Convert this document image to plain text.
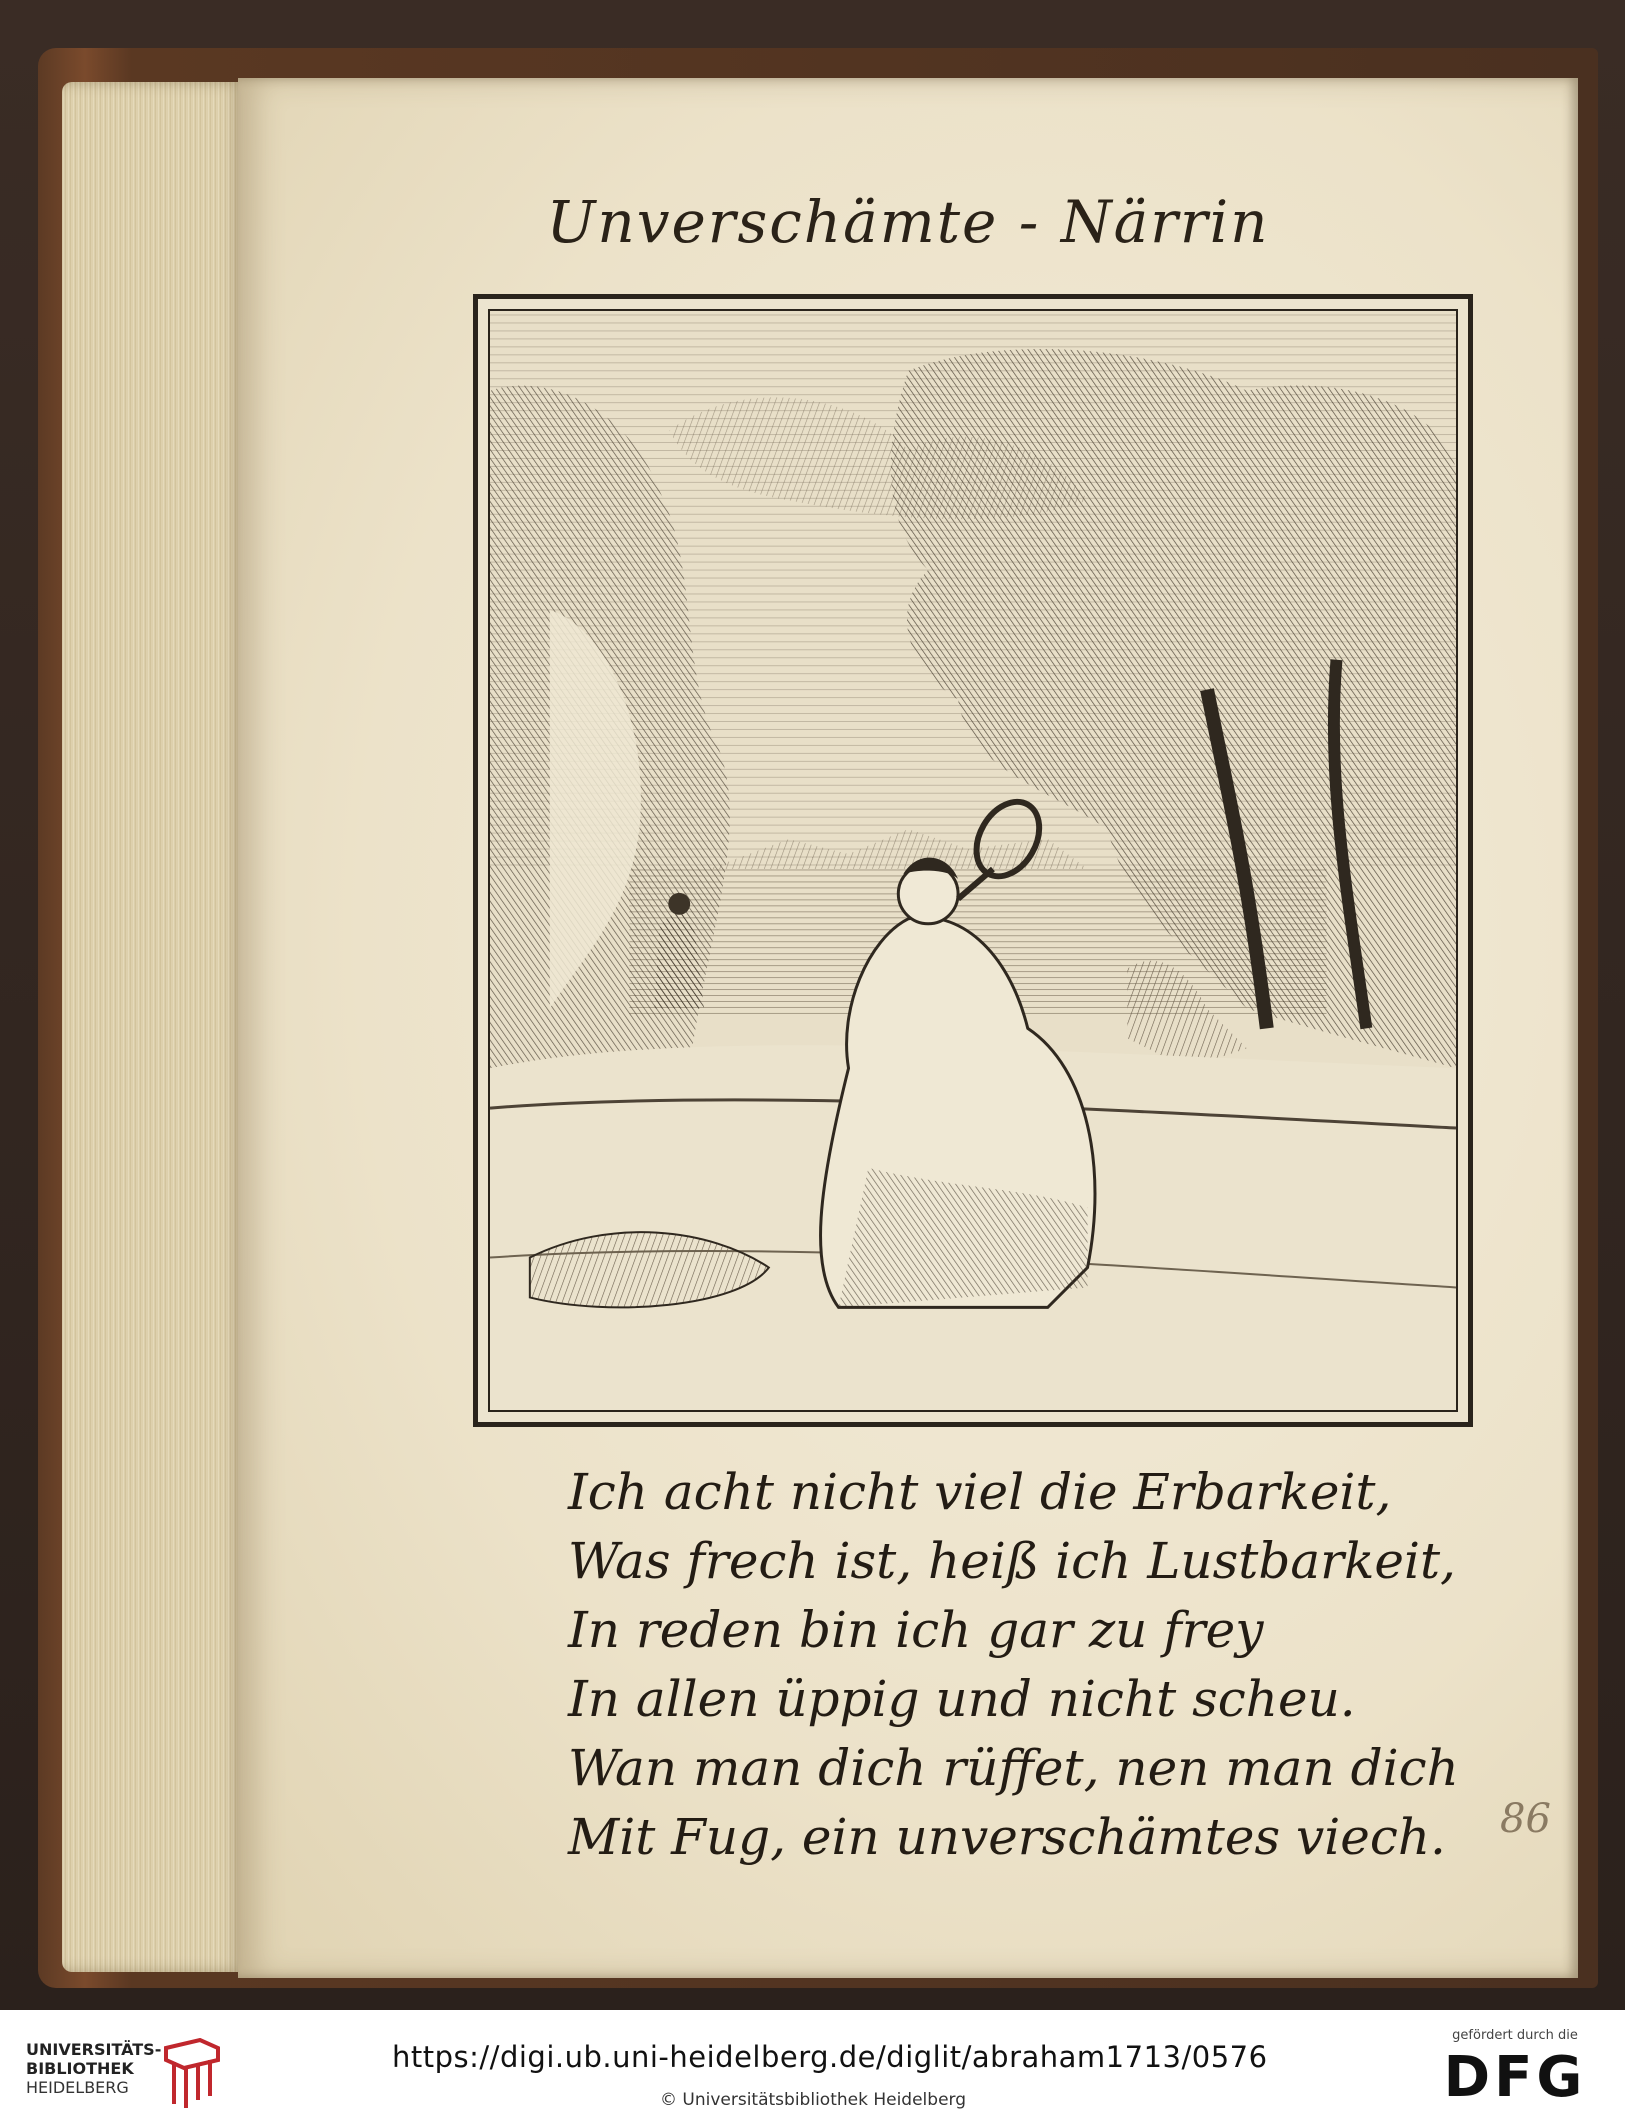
Unverschämte - Närrin
Ich acht nicht viel die Erbarkeit,
Was frech ist, heiß ich Lustbarkeit,
In reden bin ich gar zu frey
In allen üppig und nicht scheu.
Wan man dich rüffet, nen man dich
Mit Fug, ein unverschämtes viech.	86
UNIVERSITÄTS-
BIBLIOTHEK
HEIDELBERG
https://digi.ub.uni-heidelberg.de/diglit/abraham1713/0576
© Universitätsbibliothek Heidelberg
gefördert durch die
DFG
